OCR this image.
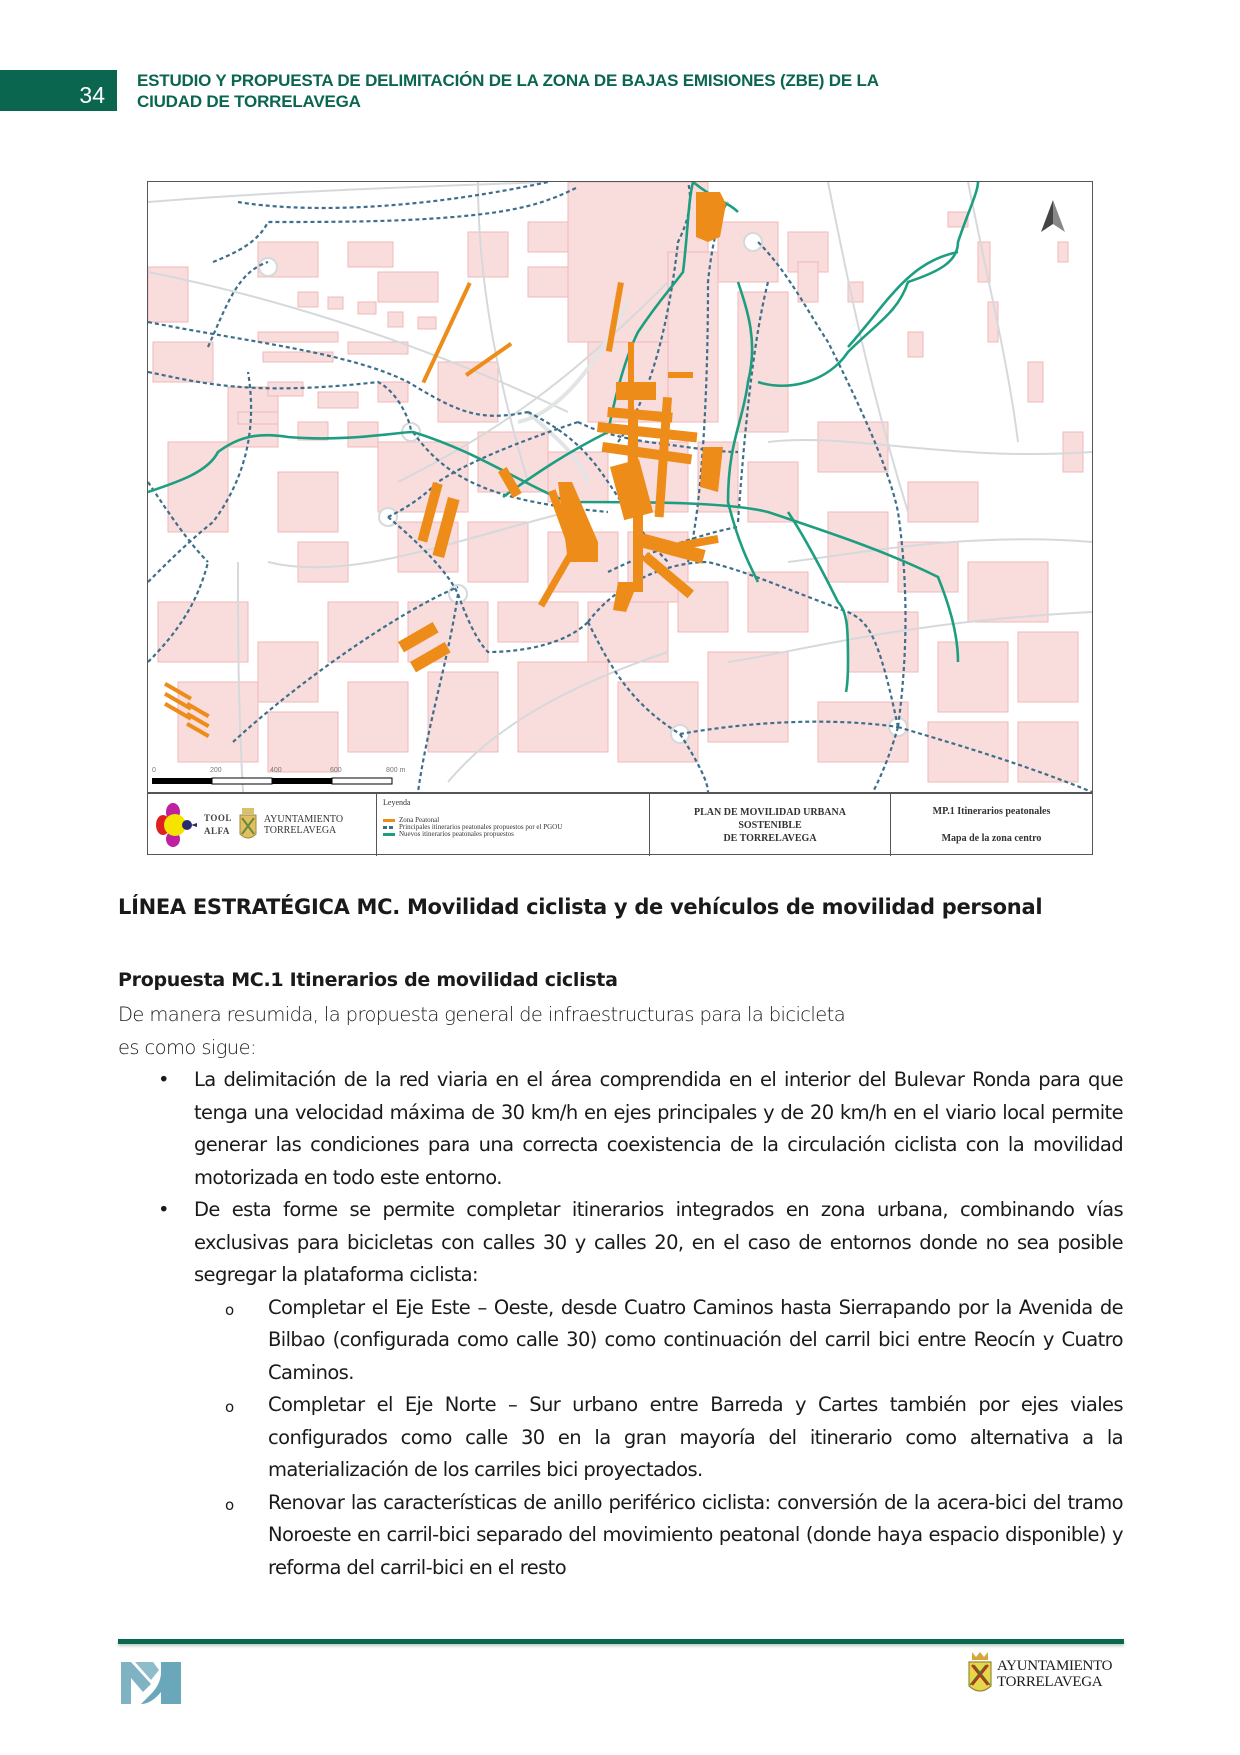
34
ESTUDIO Y PROPUESTA DE DELIMITACIÓN DE LA ZONA DE BAJAS EMISIONES (ZBE) DE LA
CIUDAD DE TORRELAVEGA
0	200	400	600	800 m
TOOL
ALFA
AYUNTAMIENTO
TORRELAVEGA
Leyenda
Zona Peatonal
Principales itinerarios peatonales propuestos por el PGOU
Nuevos itinerarios peatonales propuestos
PLAN DE MOVILIDAD URBANA
SOSTENIBLE
DE TORRELAVEGA
MP.1 Itinerarios peatonales
Mapa de la zona centro
LÍNEA ESTRATÉGICA MC. Movilidad ciclista y de vehículos de movilidad personal
Propuesta MC.1 Itinerarios de movilidad ciclista
De manera resumida, la propuesta general de infraestructuras para la bicicleta
es como sigue:
• La delimitación de la red viaria en el área comprendida en el interior del Bulevar Ronda para que tenga una velocidad máxima de 30 km/h en ejes principales y de 20 km/h en el viario local permite generar las condiciones para una correcta coexistencia de la circulación ciclista con la movilidad motorizada en todo este entorno.
• De esta forme se permite completar itinerarios integrados en zona urbana, combinando vías exclusivas para bicicletas con calles 30 y calles 20, en el caso de entornos donde no sea posible segregar la plataforma ciclista:
o Completar el Eje Este – Oeste, desde Cuatro Caminos hasta Sierrapando por la Avenida de Bilbao (configurada como calle 30) como continuación del carril bici entre Reocín y Cuatro Caminos.
o Completar el Eje Norte – Sur urbano entre Barreda y Cartes también por ejes viales configurados como calle 30 en la gran mayoría del itinerario como alternativa a la materialización de los carriles bici proyectados.
o Renovar las características de anillo periférico ciclista: conversión de la acera-bici del tramo Noroeste en carril-bici separado del movimiento peatonal (donde haya espacio disponible) y reforma del carril-bici en el resto
AYUNTAMIENTO
TORRELAVEGA
